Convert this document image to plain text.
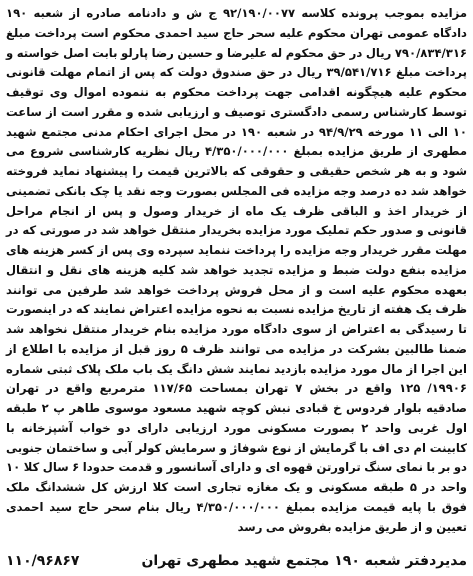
مزایده بموجب پرونده کلاسه ۹۲/۱۹۰/۰۰۷۷ ج ش و دادنامه صادره از شعبه ۱۹۰ دادگاه عمومی تهران محکوم علیه سحر حاج سید احمدی محکوم است پرداخت مبلغ ۷۹۰/۸۳۴/۳۱۶ ریال در حق محکوم له علیرضا و حسین رضا پارلو بابت اصل خواسته و پرداخت مبلغ ۳۹/۵۴۱/۷۱۶ ریال در حق صندوق دولت که پس از اتمام مهلت قانونی محکوم علیه هیچگونه اقدامی جهت پرداخت محکوم به ننموده اموال وی توقیف توسط کارشناس رسمی دادگستری توصیف و ارزیابی شده و مقرر است از ساعت ۱۰ الی ۱۱ مورخه ۹۴/۹/۲۹ در شعبه ۱۹۰ در محل اجرای احکام مدنی مجتمع شهید مطهری از طریق مزایده بمبلغ ۴/۳۵۰/۰۰۰/۰۰۰ ریال نظریه کارشناسی شروع می شود و به هر شخص حقیقی و حقوقی که بالاترین قیمت را پیشنهاد نماید فروخته خواهد شد ده درصد وجه مزایده فی المجلس بصورت وجه نقد یا چک بانکی تضمینی از خریدار اخذ و الباقی ظرف یک ماه از خریدار وصول و پس از انجام مراحل قانونی و صدور حکم تملیک مورد مزایده بخریدار منتقل خواهد شد در صورتی که در مهلت مقرر خریدار وجه مزایده را پرداخت ننماید سپرده وی پس از کسر هزینه های مزایده بنفع دولت ضبط و مزایده تجدید خواهد شد کلیه هزینه های نقل و انتقال بعهده محکوم علیه است و از محل فروش پرداخت خواهد شد طرفین می توانند ظرف یک هفته از تاریخ مزایده نسبت به نحوه مزایده اعتراض نمایند که در اینصورت تا رسیدگی به اعتراض از سوی دادگاه مورد مزایده بنام خریدار منتقل نخواهد شد ضمنا طالبین بشرکت در مزایده می توانند ظرف ۵ روز قبل از مزایده با اطلاع از این اجرا از مال مورد مزایده بازدید نمایند شش دانگ یک باب ملک پلاک ثبتی شماره ۱۹۹۰۶/ ۱۲۵ واقع در بخش ۷ تهران بمساحت ۱۱۷/۶۵ مترمربع واقع در تهران صادقیه بلوار فردوس خ قبادی نبش کوچه شهید مسعود موسوی طاهر پ ۲ طبقه اول غربی واحد ۲ بصورت مسکونی مورد ارزیابی دارای دو خواب آشپزخانه با کابینت ام دی اف با گرمایش از نوع شوفاژ و سرمایش کولر آبی و ساختمان جنوبی دو بر با نمای سنگ تراورتن قهوه ای و دارای آسانسور و قدمت حدودا ۶ سال کلا ۱۰ واحد در ۵ طبقه مسکونی و یک مغازه تجاری است کلا ارزش کل ششدانگ ملک فوق با پایه قیمت مزایده بمبلغ ۴/۳۵۰/۰۰۰/۰۰۰ ریال بنام سحر حاج سید احمدی تعیین و از طریق مزایده بفروش می رسد

مدیردفتر شعبه ۱۹۰ مجتمع شهید مطهری تهران
۱۱۰/۹۶۸۶۷
